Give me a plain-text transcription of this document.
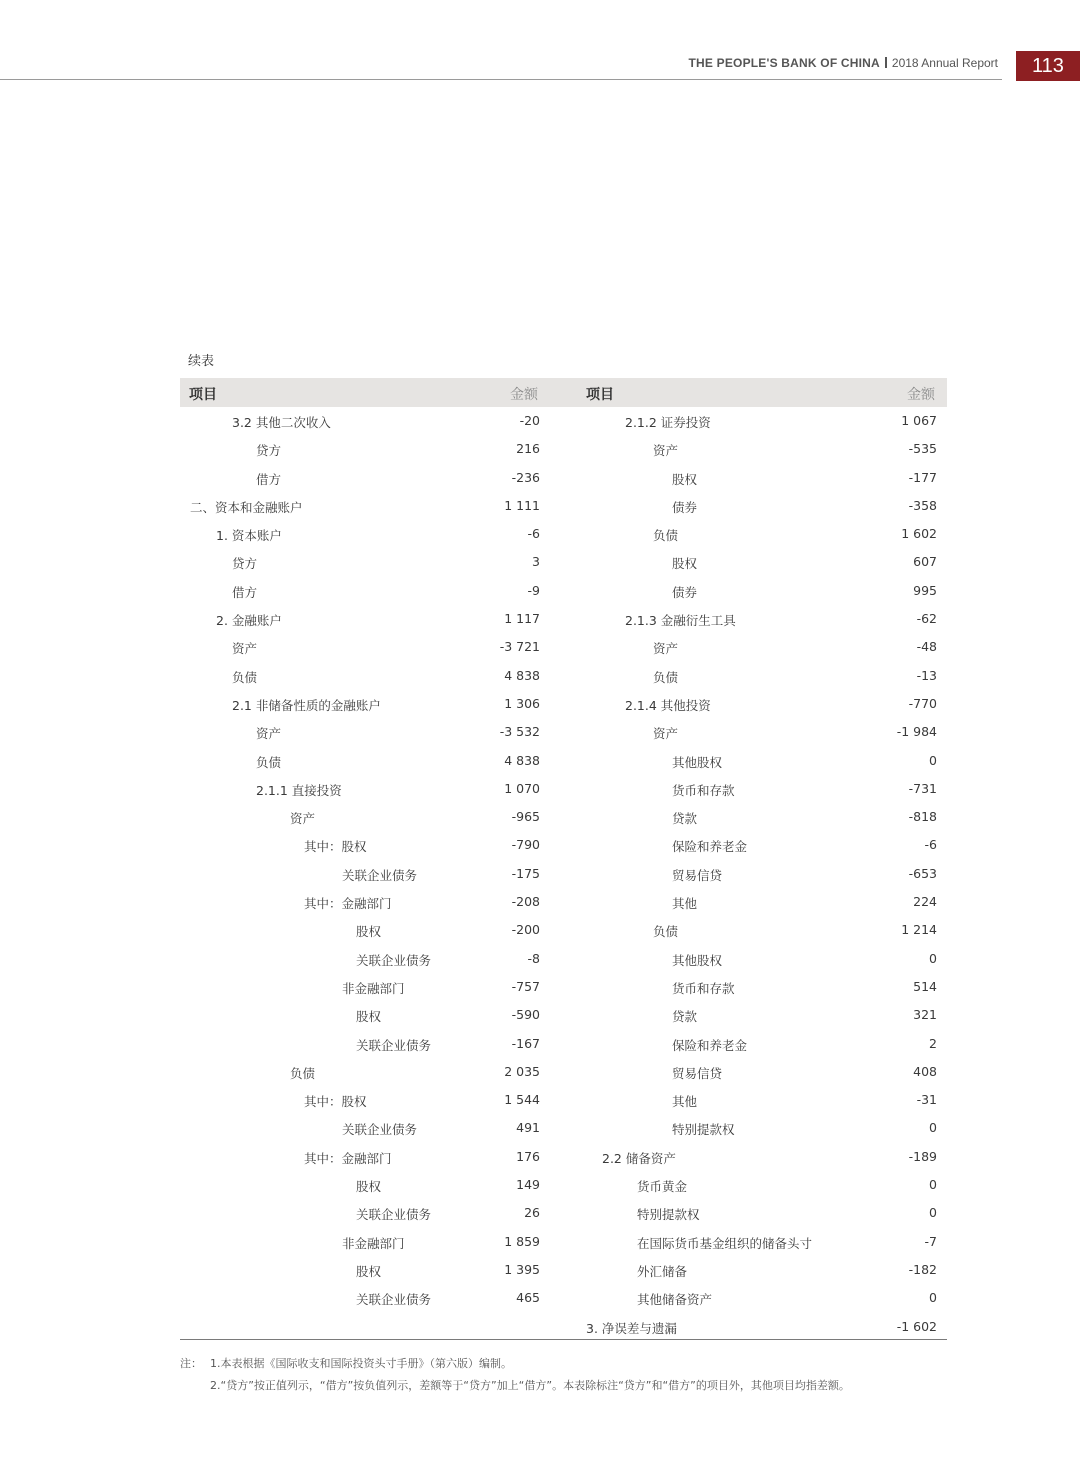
THE PEOPLE'S BANK OF CHINA 2018 Annual Report	113
续表
项目	金额	项目	金额
3.2 其他二次收入	-20
贷方	216
借方	-236
二、资本和金融账户	1 111
1. 资本账户	-6
贷方	3
借方	-9
2. 金融账户	1 117
资产	-3 721
负债	4 838
2.1 非储备性质的金融账户	1 306
资产	-3 532
负债	4 838
2.1.1 直接投资	1 070
资产	-965
其中：股权	-790
关联企业债务	-175
其中：金融部门	-208
股权	-200
关联企业债务	-8
非金融部门	-757
股权	-590
关联企业债务	-167
负债	2 035
其中：股权	1 544
关联企业债务	491
其中：金融部门	176
股权	149
关联企业债务	26
非金融部门	1 859
股权	1 395
关联企业债务	465
2.1.2 证券投资	1 067
资产	-535
股权	-177
债券	-358
负债	1 602
股权	607
债券	995
2.1.3 金融衍生工具	-62
资产	-48
负债	-13
2.1.4 其他投资	-770
资产	-1 984
其他股权	0
货币和存款	-731
贷款	-818
保险和养老金	-6
贸易信贷	-653
其他	224
负债	1 214
其他股权	0
货币和存款	514
贷款	321
保险和养老金	2
贸易信贷	408
其他	-31
特别提款权	0
2.2 储备资产	-189
货币黄金	0
特别提款权	0
在国际货币基金组织的储备头寸	-7
外汇储备	-182
其他储备资产	0
3. 净误差与遗漏	-1 602
注： 1.本表根据《国际收支和国际投资头寸手册》（第六版）编制。
2.“贷方”按正值列示，“借方”按负值列示，差额等于“贷方”加上“借方”。本表除标注“贷方”和“借方”的项目外，其他项目均指差额。
